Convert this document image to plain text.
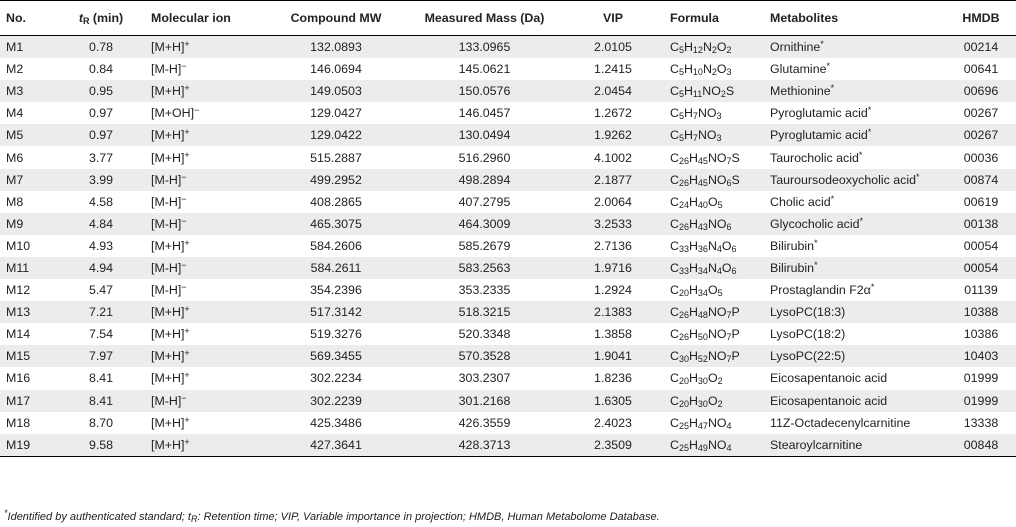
No.	$t_R$ (min)	Molecular ion	Compound MW	Measured Mass (Da)	VIP	Formula	Metabolites	HMDB
M1	0.78	[M+H]+	132.0893	133.0965	2.0105	$C_5H_{12}N_2O_2$	Ornithine*	00214
M2	0.84	[M-H]−	146.0694	145.0621	1.2415	$C_5H_{10}N_2O_3$	Glutamine*	00641
M3	0.95	[M+H]+	149.0503	150.0576	2.0454	$C_5H_{11}NO_2S$	Methionine*	00696
M4	0.97	[M+OH]−	129.0427	146.0457	1.2672	$C_5H_7NO_3$	Pyroglutamic acid*	00267
M5	0.97	[M+H]+	129.0422	130.0494	1.9262	$C_5H_7NO_3$	Pyroglutamic acid*	00267
M6	3.77	[M+H]+	515.2887	516.2960	4.1002	$C_{26}H_{45}NO_7S$	Taurocholic acid*	00036
M7	3.99	[M-H]−	499.2952	498.2894	2.1877	$C_{26}H_{45}NO_6S$	Tauroursodeoxycholic acid*	00874
M8	4.58	[M-H]−	408.2865	407.2795	2.0064	$C_{24}H_{40}O_5$	Cholic acid*	00619
M9	4.84	[M-H]−	465.3075	464.3009	3.2533	$C_{26}H_{43}NO_6$	Glycocholic acid*	00138
M10	4.93	[M+H]+	584.2606	585.2679	2.7136	$C_{33}H_{36}N_4O_6$	Bilirubin*	00054
M11	4.94	[M-H]−	584.2611	583.2563	1.9716	$C_{33}H_{34}N_4O_6$	Bilirubin*	00054
M12	5.47	[M-H]−	354.2396	353.2335	1.2924	$C_{20}H_{34}O_5$	Prostaglandin F2α*	01139
M13	7.21	[M+H]+	517.3142	518.3215	2.1383	$C_{26}H_{48}NO_7P$	LysoPC(18:3)	10388
M14	7.54	[M+H]+	519.3276	520.3348	1.3858	$C_{26}H_{50}NO_7P$	LysoPC(18:2)	10386
M15	7.97	[M+H]+	569.3455	570.3528	1.9041	$C_{30}H_{52}NO_7P$	LysoPC(22:5)	10403
M16	8.41	[M+H]+	302.2234	303.2307	1.8236	$C_{20}H_{30}O_2$	Eicosapentanoic acid	01999
M17	8.41	[M-H]−	302.2239	301.2168	1.6305	$C_{20}H_{30}O_2$	Eicosapentanoic acid	01999
M18	8.70	[M+H]+	425.3486	426.3559	2.4023	$C_{25}H_{47}NO_4$	11Z-Octadecenylcarnitine	13338
M19	9.58	[M+H]+	427.3641	428.3713	2.3509	$C_{25}H_{49}NO_4$	Stearoylcarnitine	00848
*Identified by authenticated standard; $t_R$: Retention time; VIP, Variable importance in projection; HMDB, Human Metabolome Database.
